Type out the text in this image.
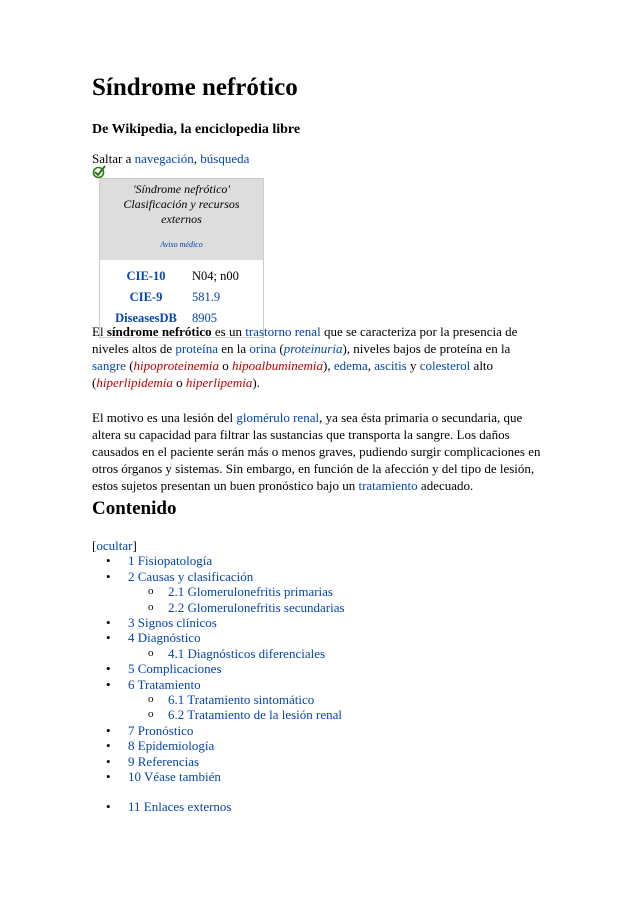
Síndrome nefrótico
De Wikipedia, la enciclopedia libre
Saltar a navegación, búsqueda
'Síndrome nefrótico'
Clasificación y recursos externos
Aviso médico
CIE-10	N04; n00
CIE-9	581.9
DiseasesDB	8905

El síndrome nefrótico es un trastorno renal que se caracteriza por la presencia de niveles altos de proteína en la orina (proteinuria), niveles bajos de proteína en la sangre (hipoproteinemia o hipoalbuminemia), edema, ascitis y colesterol alto (hiperlipidemia o hiperlipemia).

El motivo es una lesión del glomérulo renal, ya sea ésta primaria o secundaria, que altera su capacidad para filtrar las sustancias que transporta la sangre. Los daños causados en el paciente serán más o menos graves, pudiendo surgir complicaciones en otros órganos y sistemas. Sin embargo, en función de la afección y del tipo de lesión, estos sujetos presentan un buen pronóstico bajo un tratamiento adecuado.

Contenido
[ocultar]
• 1 Fisiopatología
• 2 Causas y clasificación
o 2.1 Glomerulonefritis primarias
o 2.2 Glomerulonefritis secundarias
• 3 Signos clínicos
• 4 Diagnóstico
o 4.1 Diagnósticos diferenciales
• 5 Complicaciones
• 6 Tratamiento
o 6.1 Tratamiento sintomático
o 6.2 Tratamiento de la lesión renal
• 7 Pronóstico
• 8 Epidemiología
• 9 Referencias
• 10 Véase también
• 11 Enlaces externos
